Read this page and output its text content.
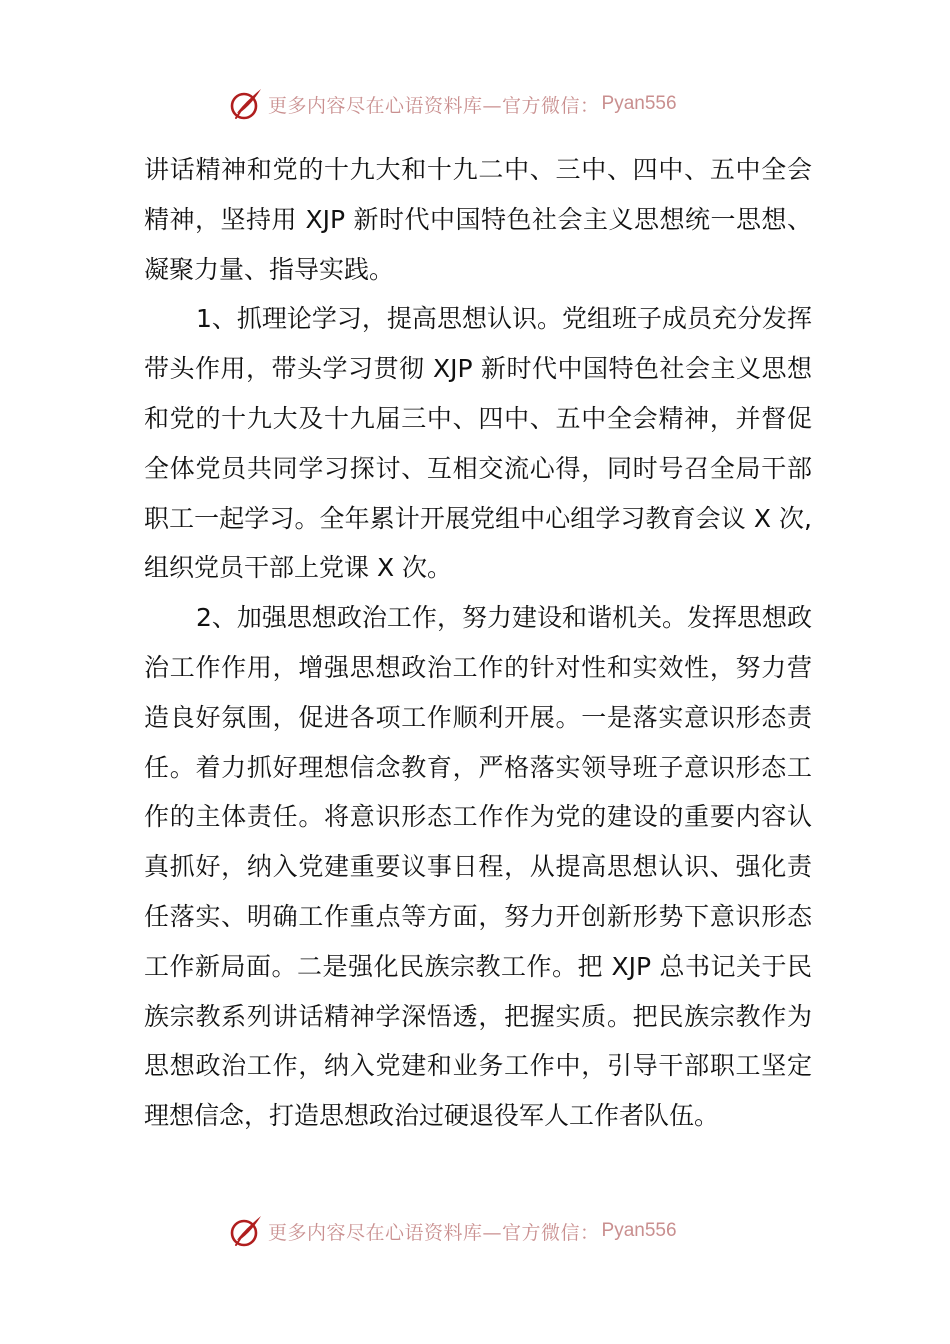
更多内容尽在心语资料库—官方微信： Pyan556

讲话精神和党的十九大和十九二中、三中、四中、五中全会精神，坚持用 XJP 新时代中国特色社会主义思想统一思想、凝聚力量、指导实践。

1、抓理论学习，提高思想认识。党组班子成员充分发挥带头作用，带头学习贯彻 XJP 新时代中国特色社会主义思想和党的十九大及十九届三中、四中、五中全会精神，并督促全体党员共同学习探讨、互相交流心得，同时号召全局干部职工一起学习。全年累计开展党组中心组学习教育会议 X 次,组织党员干部上党课 X 次。

2、加强思想政治工作，努力建设和谐机关。发挥思想政治工作作用，增强思想政治工作的针对性和实效性，努力营造良好氛围，促进各项工作顺利开展。一是落实意识形态责任。着力抓好理想信念教育，严格落实领导班子意识形态工作的主体责任。将意识形态工作作为党的建设的重要内容认真抓好，纳入党建重要议事日程，从提高思想认识、强化责任落实、明确工作重点等方面，努力开创新形势下意识形态工作新局面。二是强化民族宗教工作。把 XJP 总书记关于民族宗教系列讲话精神学深悟透，把握实质。把民族宗教作为思想政治工作，纳入党建和业务工作中，引导干部职工坚定理想信念，打造思想政治过硬退役军人工作者队伍。

更多内容尽在心语资料库—官方微信： Pyan556
